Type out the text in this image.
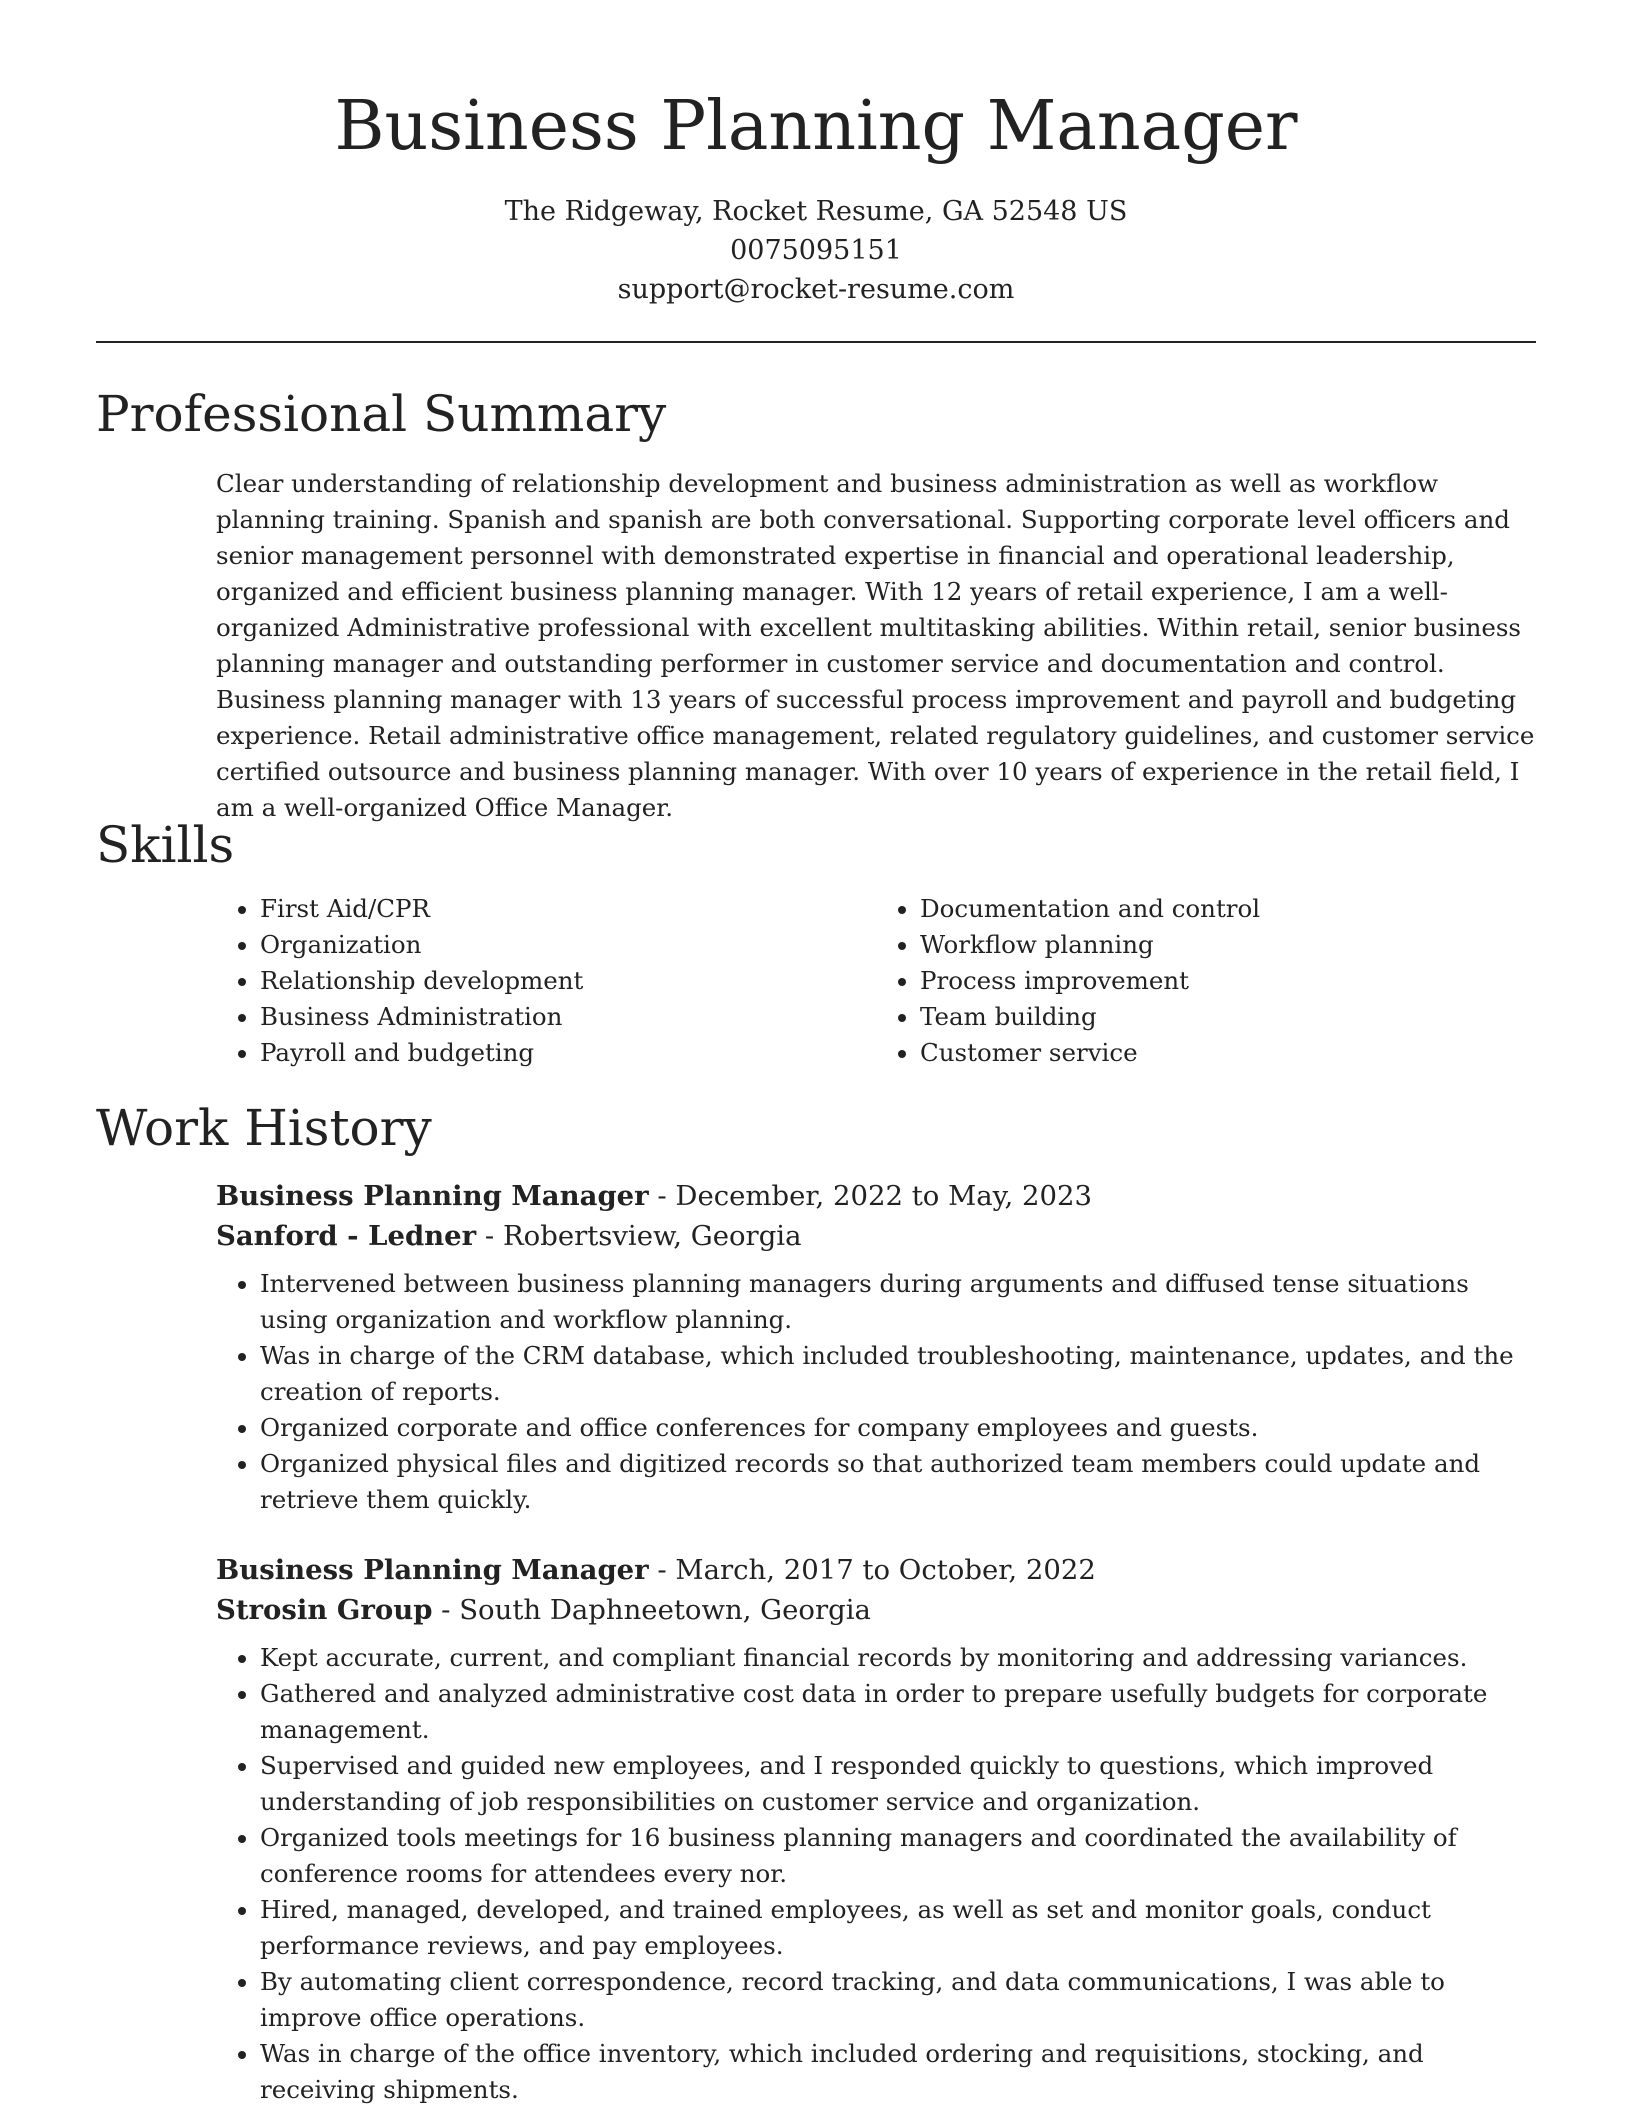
Business Planning Manager
The Ridgeway, Rocket Resume, GA 52548 US
0075095151
support@rocket-resume.com
Professional Summary
Clear understanding of relationship development and business administration as well as workflow planning training. Spanish and spanish are both conversational. Supporting corporate level officers and senior management personnel with demonstrated expertise in financial and operational leadership, organized and efficient business planning manager. With 12 years of retail experience, I am a well-organized Administrative professional with excellent multitasking abilities. Within retail, senior business planning manager and outstanding performer in customer service and documentation and control. Business planning manager with 13 years of successful process improvement and payroll and budgeting experience. Retail administrative office management, related regulatory guidelines, and customer service certified outsource and business planning manager. With over 10 years of experience in the retail field, I am a well-organized Office Manager.
Skills
• First Aid/CPR
• Organization
• Relationship development
• Business Administration
• Payroll and budgeting
• Documentation and control
• Workflow planning
• Process improvement
• Team building
• Customer service
Work History
Business Planning Manager - December, 2022 to May, 2023
Sanford - Ledner - Robertsview, Georgia
• Intervened between business planning managers during arguments and diffused tense situations using organization and workflow planning.
• Was in charge of the CRM database, which included troubleshooting, maintenance, updates, and the creation of reports.
• Organized corporate and office conferences for company employees and guests.
• Organized physical files and digitized records so that authorized team members could update and retrieve them quickly.
Business Planning Manager - March, 2017 to October, 2022
Strosin Group - South Daphneetown, Georgia
• Kept accurate, current, and compliant financial records by monitoring and addressing variances.
• Gathered and analyzed administrative cost data in order to prepare usefully budgets for corporate management.
• Supervised and guided new employees, and I responded quickly to questions, which improved understanding of job responsibilities on customer service and organization.
• Organized tools meetings for 16 business planning managers and coordinated the availability of conference rooms for attendees every nor.
• Hired, managed, developed, and trained employees, as well as set and monitor goals, conduct performance reviews, and pay employees.
• By automating client correspondence, record tracking, and data communications, I was able to improve office operations.
• Was in charge of the office inventory, which included ordering and requisitions, stocking, and receiving shipments.
